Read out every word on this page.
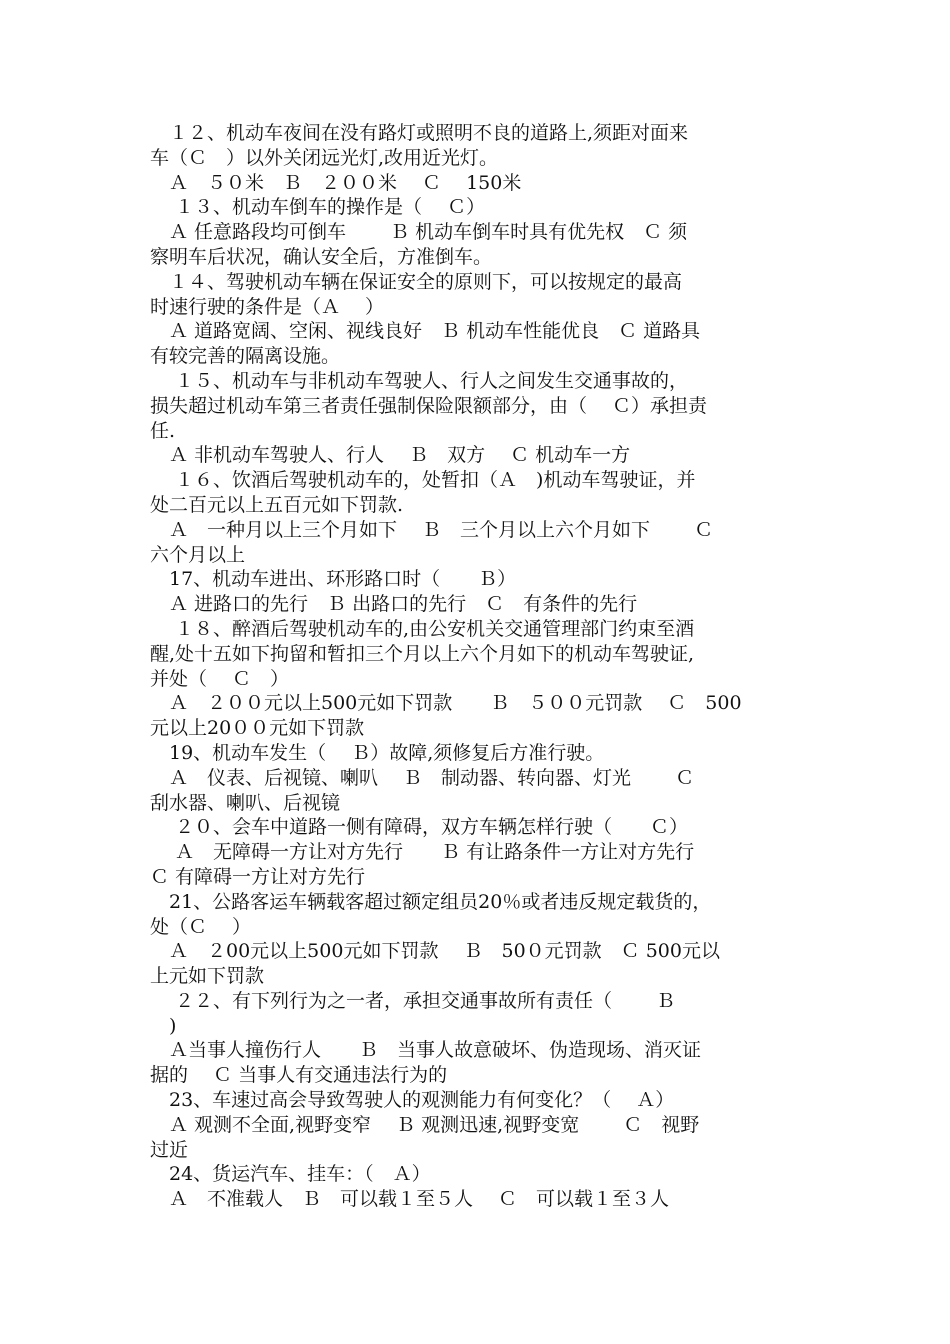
　１２、机动车夜间在没有路灯或照明不良的道路上,须距对面来
车（Ｃ　）以外关闭远光灯,改用近光灯。
　Ａ　５０米　Ｂ　２００米　 Ｃ　 150米
　 １３、机动车倒车的操作是（　 Ｃ）
　Ａ 任意路段均可倒车　　 Ｂ 机动车倒车时具有优先权　Ｃ 须
察明车后状况，确认安全后，方准倒车。
　１４、驾驶机动车辆在保证安全的原则下，可以按规定的最高
时速行驶的条件是（Ａ　 ）
　Ａ 道路宽阔、空闲、视线良好　Ｂ 机动车性能优良　Ｃ 道路具
有较完善的隔离设施。
　 １５、机动车与非机动车驾驶人、行人之间发生交通事故的，
损失超过机动车第三者责任强制保险限额部分，由（　 Ｃ）承担责
任.
　Ａ 非机动车驾驶人、行人　 Ｂ　双方　 Ｃ 机动车一方
　 １６、饮酒后驾驶机动车的，处暂扣（Ａ　)机动车驾驶证，并
处二百元以上五百元如下罚款.
　Ａ　一种月以上三个月如下　 Ｂ　三个月以上六个月如下　　 Ｃ
六个月以上
　17、机动车进出、环形路口时（　　Ｂ）
　Ａ 进路口的先行　Ｂ 出路口的先行　Ｃ　有条件的先行
　 １８、醉酒后驾驶机动车的,由公安机关交通管理部门约束至酒
醒,处十五如下拘留和暂扣三个月以上六个月如下的机动车驾驶证,
并处（　 Ｃ　）
　Ａ　２００元以上500元如下罚款　　Ｂ　５００元罚款　 Ｃ　500
元以上20００元如下罚款
　19、机动车发生（　 Ｂ）故障,须修复后方准行驶。
　Ａ　仪表、后视镜、喇叭　 Ｂ　制动器、转向器、灯光　　 Ｃ
刮水器、喇叭、后视镜
　 ２０、会车中道路一侧有障碍，双方车辆怎样行驶（　　Ｃ）
　 Ａ　无障碍一方让对方先行　　Ｂ 有让路条件一方让对方先行
Ｃ 有障碍一方让对方先行
　21、公路客运车辆载客超过额定组员20％或者违反规定载货的，
处（Ｃ　 ）
　Ａ　２00元以上500元如下罚款　 Ｂ　50０元罚款　Ｃ 500元以
上元如下罚款
　 ２２、有下列行为之一者，承担交通事故所有责任（　　 Ｂ
　)
　Ａ当事人撞伤行人　　Ｂ　当事人故意破坏、伪造现场、消灭证
据的　 Ｃ 当事人有交通违法行为的
　23、车速过高会导致驾驶人的观测能力有何变化？（　 Ａ）
　Ａ 观测不全面,视野变窄　 Ｂ 观测迅速,视野变宽　　 Ｃ　视野
过近
　24、货运汽车、挂车：（　Ａ）
　Ａ　不准载人　Ｂ　可以载１至５人　 Ｃ　可以载１至３人
